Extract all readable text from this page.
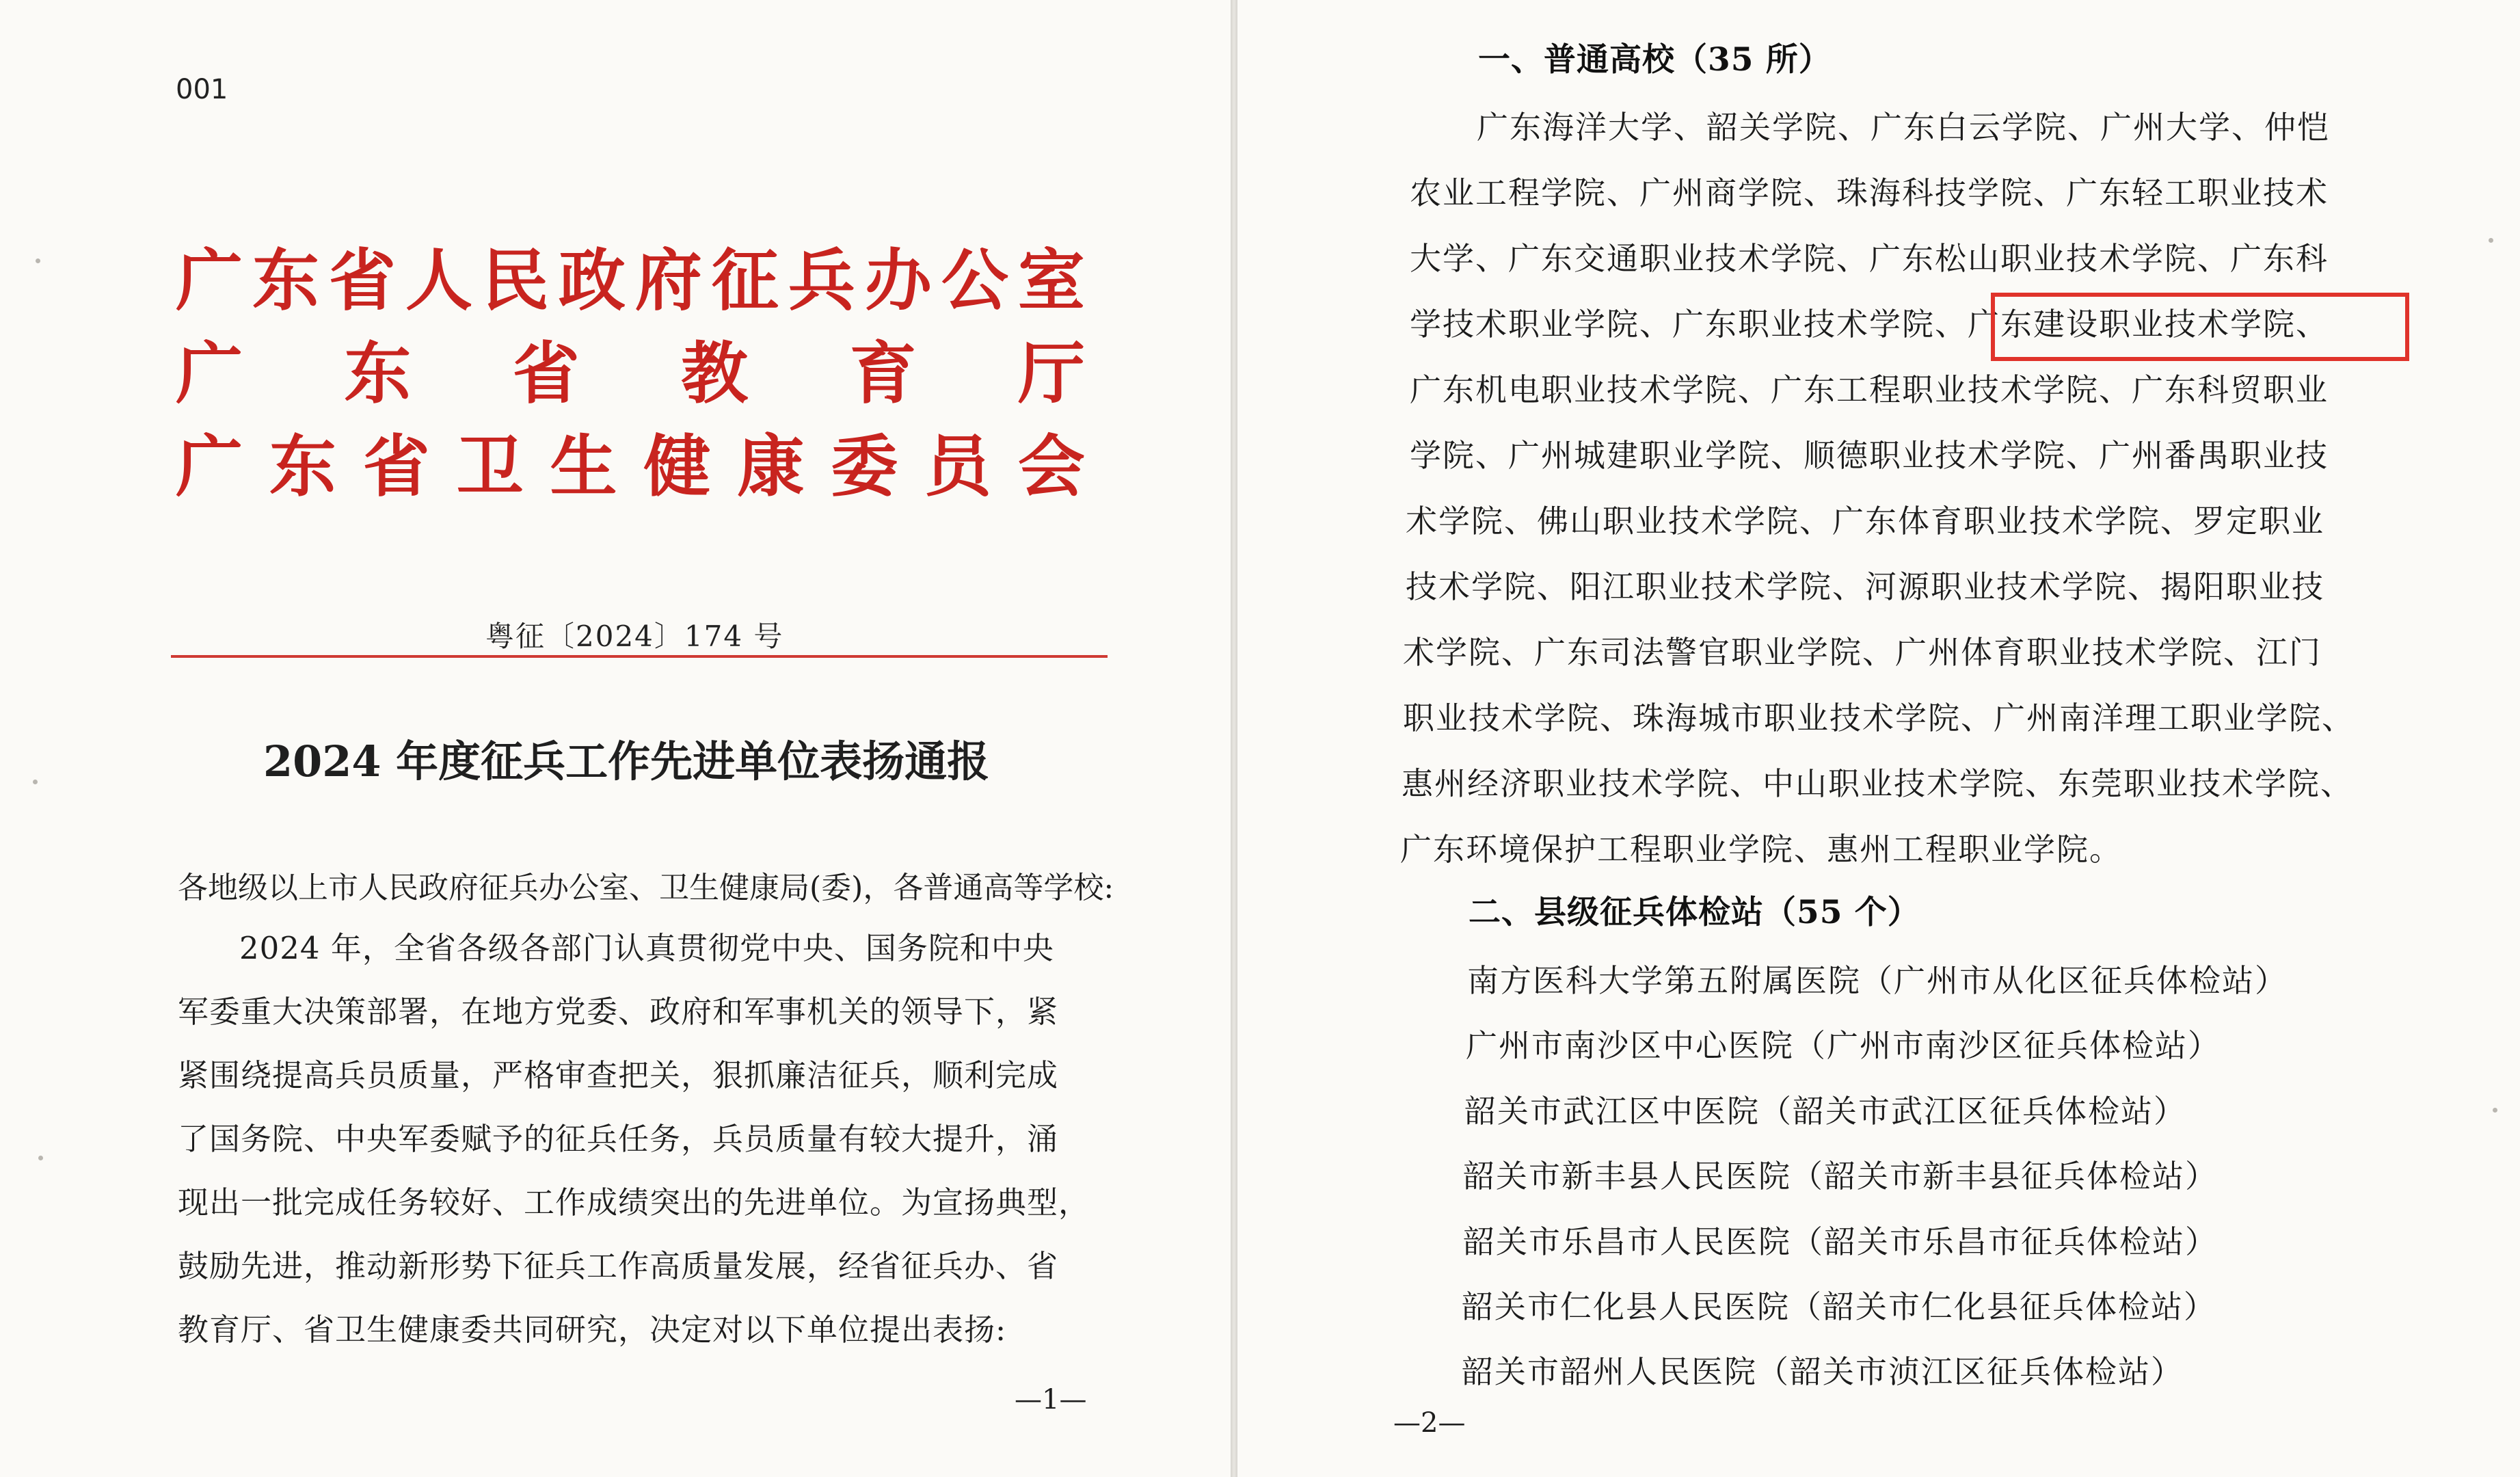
001
广 东 省 人 民 政 府 征 兵 办 公 室
广 东 省 教 育 厅
广 东 省 卫 生 健 康 委 员 会
粤征〔2024〕174 号
2024 年度征兵工作先进单位表扬通报
各地级以上市人民政府征兵办公室、卫生健康局(委)，各普通高等学校:
2024 年，全省各级各部门认真贯彻党中央、国务院和中央
军委重大决策部署，在地方党委、政府和军事机关的领导下，紧
紧围绕提高兵员质量，严格审查把关，狠抓廉洁征兵，顺利完成
了国务院、中央军委赋予的征兵任务，兵员质量有较大提升，涌
现出一批完成任务较好、工作成绩突出的先进单位。为宣扬典型，
鼓励先进，推动新形势下征兵工作高质量发展，经省征兵办、省
教育厅、省卫生健康委共同研究，决定对以下单位提出表扬:
—1—
一、普通高校（35 所）
广东海洋大学、韶关学院、广东白云学院、广州大学、仲恺
农业工程学院、广州商学院、珠海科技学院、广东轻工职业技术
大学、广东交通职业技术学院、广东松山职业技术学院、广东科
学技术职业学院、广东职业技术学院、广东建设职业技术学院、
广东机电职业技术学院、广东工程职业技术学院、广东科贸职业
学院、广州城建职业学院、顺德职业技术学院、广州番禺职业技
术学院、佛山职业技术学院、广东体育职业技术学院、罗定职业
技术学院、阳江职业技术学院、河源职业技术学院、揭阳职业技
术学院、广东司法警官职业学院、广州体育职业技术学院、江门
职业技术学院、珠海城市职业技术学院、广州南洋理工职业学院、
惠州经济职业技术学院、中山职业技术学院、东莞职业技术学院、
广东环境保护工程职业学院、惠州工程职业学院。
二、县级征兵体检站（55 个）
南方医科大学第五附属医院（广州市从化区征兵体检站）
广州市南沙区中心医院（广州市南沙区征兵体检站）
韶关市武江区中医院（韶关市武江区征兵体检站）
韶关市新丰县人民医院（韶关市新丰县征兵体检站）
韶关市乐昌市人民医院（韶关市乐昌市征兵体检站）
韶关市仁化县人民医院（韶关市仁化县征兵体检站）
韶关市韶州人民医院（韶关市浈江区征兵体检站）
—2—
